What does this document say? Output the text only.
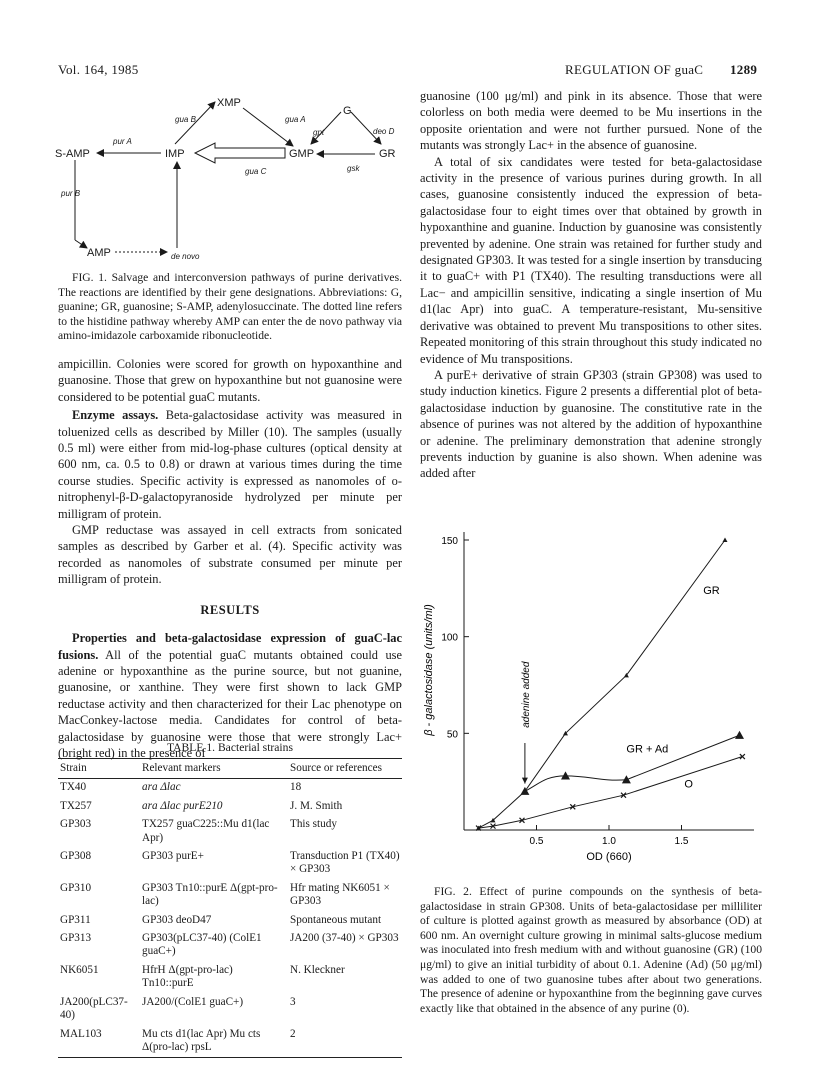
Vol. 164, 1985	REGULATION OF guaC 1289
XMP
G
S-AMP	IMP	GMP	GR
AMP
pur A
gua B	gua A
gpt	deo D
gsk
gua C
pur B
de novo

FIG. 1. Salvage and interconversion pathways of purine derivatives. The reactions are identified by their gene designations. Abbreviations: G, guanine; GR, guanosine; S-AMP, adenylosuccinate. The dotted line refers to the histidine pathway whereby AMP can enter the de novo pathway via amino-imidazole carboxamide ribonucleotide.

ampicillin. Colonies were scored for growth on hypoxanthine and guanosine. Those that grew on hypoxanthine but not guanosine were considered to be potential guaC mutants.

Enzyme assays. Beta-galactosidase activity was measured in toluenized cells as described by Miller (10). The samples (usually 0.5 ml) were either from mid-log-phase cultures (optical density at 600 nm, ca. 0.5 to 0.8) or drawn at various times during the time course studies. Specific activity is expressed as nanomoles of o-nitrophenyl-β-D-galactopyranoside hydrolyzed per minute per milligram of protein.

GMP reductase was assayed in cell extracts from sonicated samples as described by Garber et al. (4). Specific activity was recorded as nanomoles of substrate consumed per minute per milligram of protein.

RESULTS

Properties and beta-galactosidase expression of guaC-lac fusions. All of the potential guaC mutants obtained could use adenine or hypoxanthine as the purine source, but not guanine, guanosine, or xanthine. They were first shown to lack GMP reductase activity and then characterized for their Lac phenotype on MacConkey-lactose media. Candidates for control of beta-galactosidase by guanosine were those that were strongly Lac+ (bright red) in the presence of

TABLE 1. Bacterial strains
Strain	Relevant markers	Source or references
TX40	ara Δlac	18
TX257	ara Δlac purE210	J. M. Smith
GP303	TX257 guaC225::Mu d1(lac Apr)	This study
GP308	GP303 purE+	Transduction P1 (TX40) × GP303
GP310	GP303 Tn10::purE Δ(gpt-pro-lac)	Hfr mating NK6051 × GP303
GP311	GP303 deoD47	Spontaneous mutant
GP313	GP303(pLC37-40) (ColE1 guaC+)	JA200 (37-40) × GP303
NK6051	HfrH Δ(gpt-pro-lac) Tn10::purE	N. Kleckner
JA200(pLC37-40)	JA200/(ColE1 guaC+)	3
MAL103	Mu cts d1(lac Apr) Mu cts Δ(pro-lac) rpsL	2

guanosine (100 μg/ml) and pink in its absence. Those that were colorless on both media were deemed to be Mu insertions in the opposite orientation and were not further pursued. None of the mutants was strongly Lac+ in the absence of guanosine.

A total of six candidates were tested for beta-galactosidase activity in the presence of various purines during growth. In all cases, guanosine consistently induced the expression of beta-galactosidase four to eight times over that obtained by growth in hypoxanthine and guanine. Induction by guanosine was consistently prevented by adenine. One strain was retained for further study and designated GP303. It was tested for a single insertion by transducing it to guaC+ with P1 (TX40). The resulting transductions were all Lac− and ampicillin sensitive, indicating a single insertion of Mu d1(lac Apr) into guaC. A temperature-resistant, Mu-sensitive derivative was obtained to prevent Mu transpositions to other sites. Repeated monitoring of this strain throughout this study indicated no evidence of Mu transpositions.

A purE+ derivative of strain GP303 (strain GP308) was used to study induction kinetics. Figure 2 presents a differential plot of beta-galactosidase induction by guanosine. The constitutive rate in the absence of purines was not altered by the addition of hypoxanthine or adenine. The preliminary demonstration that adenine strongly prevents induction by guanine is also shown. When adenine was added after

0.5	1.0	1.5
50
100
150
GR
GR + Ad
O
OD (660)
β - galactosidase (units/ml)	adenine added

FIG. 2. Effect of purine compounds on the synthesis of beta-galactosidase in strain GP308. Units of beta-galactosidase per milliliter of culture is plotted against growth as measured by absorbance (OD) at 600 nm. An overnight culture growing in minimal salts-glucose medium was inoculated into fresh medium with and without guanosine (GR) (100 μg/ml) to give an initial turbidity of about 0.1. Adenine (Ad) (50 μg/ml) was added to one of two guanosine tubes after about two generations. The presence of adenine or hypoxanthine from the beginning gave curves exactly like that obtained in the absence of any purine (0).
